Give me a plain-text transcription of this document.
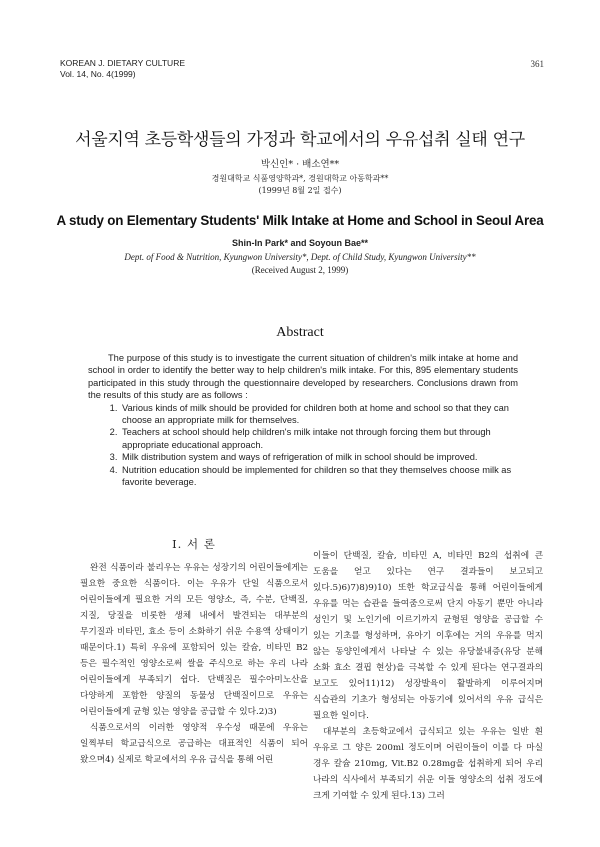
KOREAN J. DIETARY CULTURE
Vol. 14, No. 4(1999)
361
서울지역 초등학생들의 가정과 학교에서의 우유섭취 실태 연구
박신인* · 배소연**
경원대학교 식품영양학과*, 경원대학교 아동학과**
(1999년 8월 2일 접수)
A study on Elementary Students' Milk Intake at Home and School in Seoul Area
Shin-In Park* and Soyoun Bae**
Dept. of Food & Nutrition, Kyungwon University*, Dept. of Child Study, Kyungwon University**
(Received August 2, 1999)
Abstract

The purpose of this study is to investigate the current situation of children's milk intake at home and school in order to identify the better way to help children's milk intake. For this, 895 elementary students participated in this study through the questionnaire developed by researchers. Conclusions drawn from the results of this study are as follows :

1. Various kinds of milk should be provided for children both at home and school so that they can choose an appropriate milk for themselves.
2. Teachers at school should help children's milk intake not through forcing them but through appropriate educational approach.
3. Milk distribution system and ways of refrigeration of milk in school should be improved.
4. Nutrition education should be implemented for children so that they themselves choose milk as favorite beverage.
I. 서 론

완전 식품이라 불리우는 우유는 성장기의 어린이들에게는 필요한 중요한 식품이다. 이는 우유가 단일 식품으로서 어린이들에게 필요한 거의 모든 영양소, 즉, 수분, 단백질, 지질, 당질을 비롯한 생체 내에서 발견되는 대부분의 무기질과 비타민, 효소 등이 소화하기 쉬운 수용액 상태이기 때문이다.1) 특히 우유에 포함되어 있는 칼슘, 비타민 B2 등은 필수적인 영양소로써 쌀을 주식으로 하는 우리 나라 어린이들에게 부족되기 쉽다. 단백질은 필수아미노산을 다양하게 포함한 양질의 동물성 단백질이므로 우유는 어린이들에게 균형 있는 영양을 공급할 수 있다.2)3)

식품으로서의 이러한 영양적 우수성 때문에 우유는 일찍부터 학교급식으로 공급하는 대표적인 식품이 되어 왔으며4) 실제로 학교에서의 우유 급식을 통해 어린

이들이 단백질, 칼슘, 비타민 A, 비타민 B2의 섭취에 큰 도움을 얻고 있다는 연구 결과들이 보고되고 있다.5)6)7)8)9)10) 또한 학교급식을 통해 어린이들에게 우유를 먹는 습관을 들여줌으로써 단지 아동기 뿐만 아니라 성인기 및 노인기에 이르기까지 균형된 영양을 공급할 수 있는 기초를 형성하며, 유아기 이후에는 거의 우유를 먹지 않는 동양인에게서 나타날 수 있는 유당불내증(유당 분해 소화 효소 결핍 현상)을 극복할 수 있게 된다는 연구결과의 보고도 있어11)12) 성장발육이 활발하게 이루어지며 식습관의 기초가 형성되는 아동기에 있어서의 우유 급식은 필요한 일이다.

대부분의 초등학교에서 급식되고 있는 우유는 일반 흰 우유로 그 양은 200ml 정도이며 어린이들이 이를 다 마실 경우 칼슘 210mg, Vit.B2 0.28mg을 섭취하게 되어 우리 나라의 식사에서 부족되기 쉬운 이들 영양소의 섭취 정도에 크게 기여할 수 있게 된다.13) 그러
